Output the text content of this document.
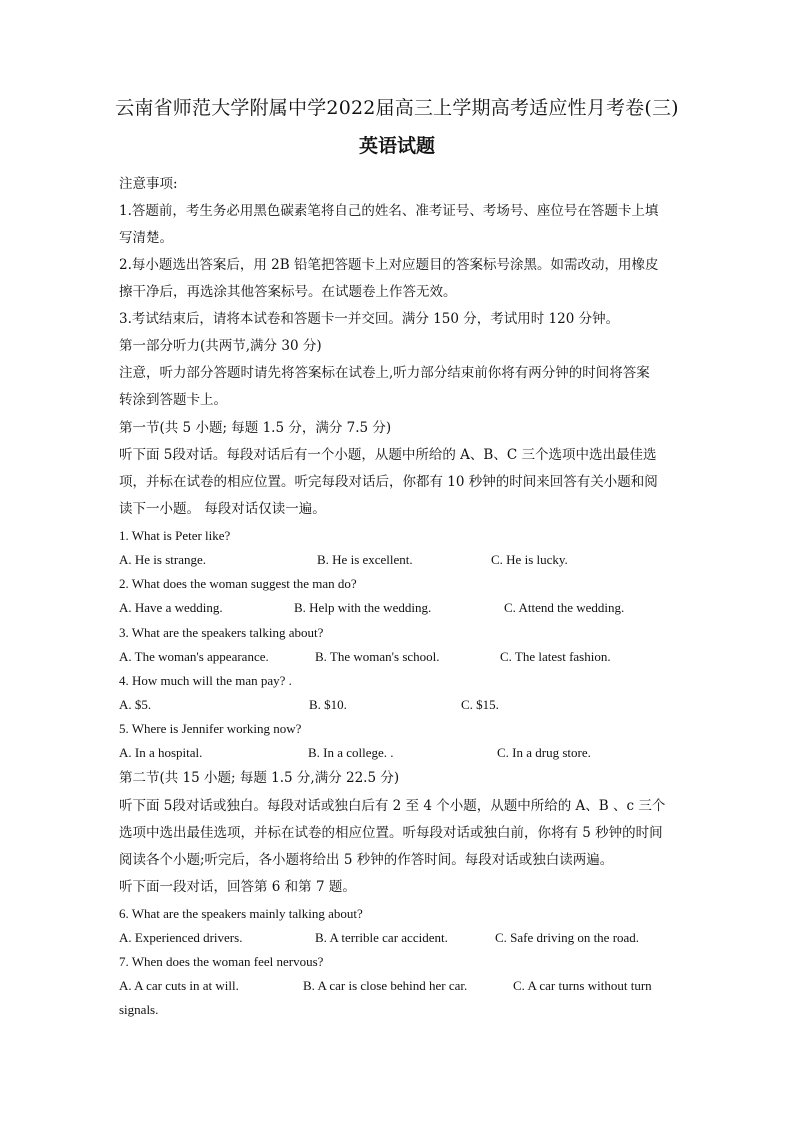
云南省师范大学附属中学2022届高三上学期高考适应性月考卷(三)
英语试题
注意事项:
1.答题前，考生务必用黑色碳素笔将自己的姓名、准考证号、考场号、座位号在答题卡上填
写清楚。
2.每小题选出答案后，用 2B 铅笔把答题卡上对应题目的答案标号涂黑。如需改动，用橡皮
擦干净后，再选涂其他答案标号。在试题卷上作答无效。
3.考试结束后，请将本试卷和答题卡一并交回。满分 150 分，考试用时 120 分钟。
第一部分听力(共两节,满分 30 分)
注意，听力部分答题时请先将答案标在试卷上,听力部分结束前你将有两分钟的时间将答案
转涂到答题卡上。
第一节(共 5 小题; 每题 1.5 分，满分 7.5 分)
听下面 5段对话。每段对话后有一个小题，从题中所给的 A、B、C 三个选项中选出最佳选
项，并标在试卷的相应位置。听完每段对话后，你都有 10 秒钟的时间来回答有关小题和阅
读下一小题。 每段对话仅读一遍。
1. What is Peter like?
A. He is strange.	B. He is excellent.	C. He is lucky.
2. What does the woman suggest the man do?
A. Have a wedding.	B. Help with the wedding.	C. Attend the wedding.
3. What are the speakers talking about?
A. The woman's appearance.	B. The woman's school.	C. The latest fashion.
4. How much will the man pay? .
A. $5.	B. $10.	C. $15.
5. Where is Jennifer working now?
A. In a hospital.	B. In a college. .	C. In a drug store.
第二节(共 15 小题; 每题 1.5 分,满分 22.5 分)
听下面 5段对话或独白。每段对话或独白后有 2 至 4 个小题，从题中所给的 A、B 、c 三个
选项中选出最佳选项，并标在试卷的相应位置。听每段对话或独白前，你将有 5 秒钟的时间
阅读各个小题;听完后，各小题将给出 5 秒钟的作答时间。每段对话或独白读两遍。
听下面一段对话，回答第 6 和第 7 题。
6. What are the speakers mainly talking about?
A. Experienced drivers.	B. A terrible car accident.	C. Safe driving on the road.
7. When does the woman feel nervous?
A. A car cuts in at will.	B. A car is close behind her car.	C. A car turns without turn
signals.
